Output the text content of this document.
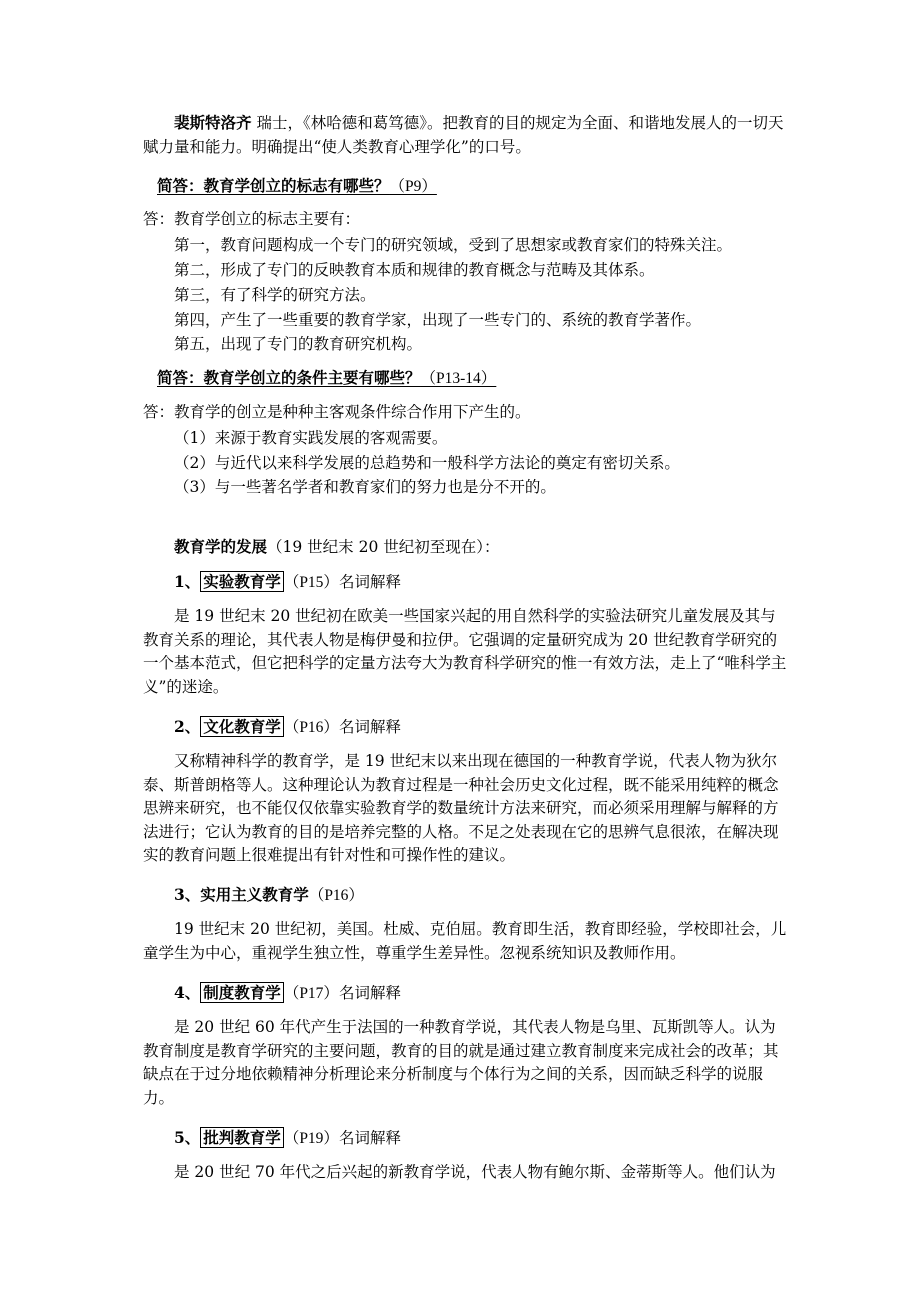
裴斯特洛齐 瑞士，《林哈德和葛笃德》。把教育的目的规定为全面、和谐地发展人的一切天赋力量和能力。明确提出“使人类教育心理学化”的口号。

简答：教育学创立的标志有哪些？（P9）

答：教育学创立的标志主要有：

第一，教育问题构成一个专门的研究领域，受到了思想家或教育家们的特殊关注。

第二，形成了专门的反映教育本质和规律的教育概念与范畴及其体系。

第三，有了科学的研究方法。

第四，产生了一些重要的教育学家，出现了一些专门的、系统的教育学著作。

第五，出现了专门的教育研究机构。

简答：教育学创立的条件主要有哪些？（P13-14）

答：教育学的创立是种种主客观条件综合作用下产生的。

（1）来源于教育实践发展的客观需要。

（2）与近代以来科学发展的总趋势和一般科学方法论的奠定有密切关系。

（3）与一些著名学者和教育家们的努力也是分不开的。

教育学的发展（19 世纪末 20 世纪初至现在）：

1、 实验教育学 （P15）名词解释

是 19 世纪末 20 世纪初在欧美一些国家兴起的用自然科学的实验法研究儿童发展及其与教育关系的理论，其代表人物是梅伊曼和拉伊。它强调的定量研究成为 20 世纪教育学研究的一个基本范式，但它把科学的定量方法夸大为教育科学研究的惟一有效方法，走上了“唯科学主义”的迷途。

2、 文化教育学 （P16）名词解释

又称精神科学的教育学，是 19 世纪末以来出现在德国的一种教育学说，代表人物为狄尔泰、斯普朗格等人。这种理论认为教育过程是一种社会历史文化过程，既不能采用纯粹的概念思辨来研究，也不能仅仅依靠实验教育学的数量统计方法来研究，而必须采用理解与解释的方法进行；它认为教育的目的是培养完整的人格。不足之处表现在它的思辨气息很浓，在解决现实的教育问题上很难提出有针对性和可操作性的建议。

3、实用主义教育学（P16）

19 世纪末 20 世纪初，美国。杜威、克伯屈。教育即生活，教育即经验，学校即社会，儿童学生为中心，重视学生独立性，尊重学生差异性。忽视系统知识及教师作用。

4、 制度教育学 （P17）名词解释

是 20 世纪 60 年代产生于法国的一种教育学说，其代表人物是乌里、瓦斯凯等人。认为教育制度是教育学研究的主要问题，教育的目的就是通过建立教育制度来完成社会的改革；其缺点在于过分地依赖精神分析理论来分析制度与个体行为之间的关系，因而缺乏科学的说服力。

5、 批判教育学 （P19）名词解释

是 20 世纪 70 年代之后兴起的新教育学说，代表人物有鲍尔斯、金蒂斯等人。他们认为
